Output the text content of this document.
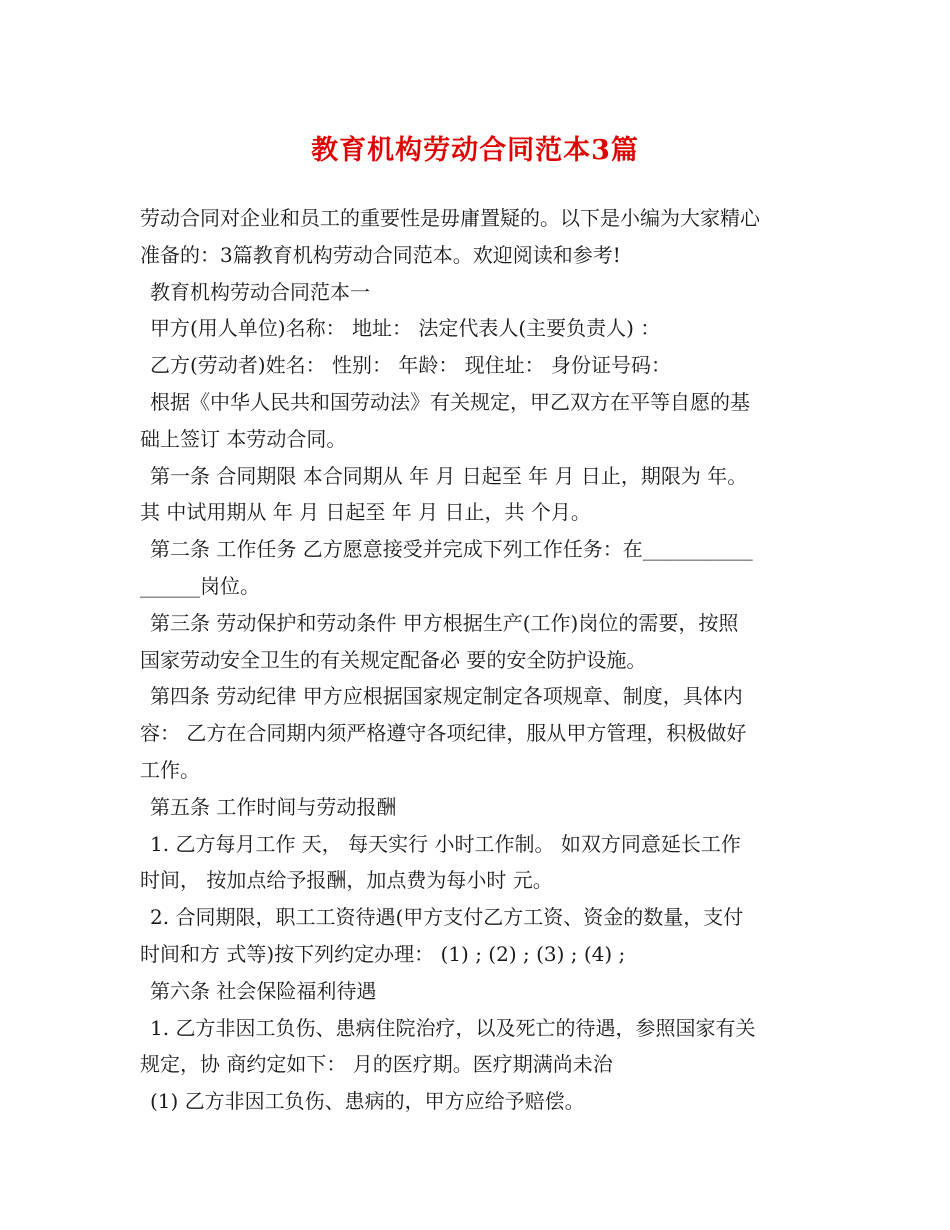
教育机构劳动合同范本3篇
劳动合同对企业和员工的重要性是毋庸置疑的。以下是小编为大家精心
准备的：3篇教育机构劳动合同范本。欢迎阅读和参考!
教育机构劳动合同范本一
甲方(用人单位)名称： 地址： 法定代表人(主要负责人) ：
乙方(劳动者)姓名： 性别： 年龄： 现住址： 身份证号码：
根据《中华人民共和国劳动法》有关规定，甲乙双方在平等自愿的基
础上签订 本劳动合同。
第一条 合同期限 本合同期从 年 月 日起至 年 月 日止，期限为 年。
其 中试用期从 年 月 日起至 年 月 日止，共 个月。
第二条 工作任务 乙方愿意接受并完成下列工作任务：在___________
______岗位。
第三条 劳动保护和劳动条件 甲方根据生产(工作)岗位的需要，按照
国家劳动安全卫生的有关规定配备必 要的安全防护设施。
第四条 劳动纪律 甲方应根据国家规定制定各项规章、制度，具体内
容： 乙方在合同期内须严格遵守各项纪律，服从甲方管理，积极做好
工作。
第五条 工作时间与劳动报酬
1. 乙方每月工作 天， 每天实行 小时工作制。 如双方同意延长工作
时间， 按加点给予报酬，加点费为每小时 元。
2. 合同期限，职工工资待遇(甲方支付乙方工资、资金的数量，支付
时间和方 式等)按下列约定办理： (1) ; (2) ; (3) ; (4) ;
第六条 社会保险福利待遇
1. 乙方非因工负伤、患病住院治疗，以及死亡的待遇，参照国家有关
规定，协 商约定如下： 月的医疗期。医疗期满尚未治
(1) 乙方非因工负伤、患病的，甲方应给予赔偿。
